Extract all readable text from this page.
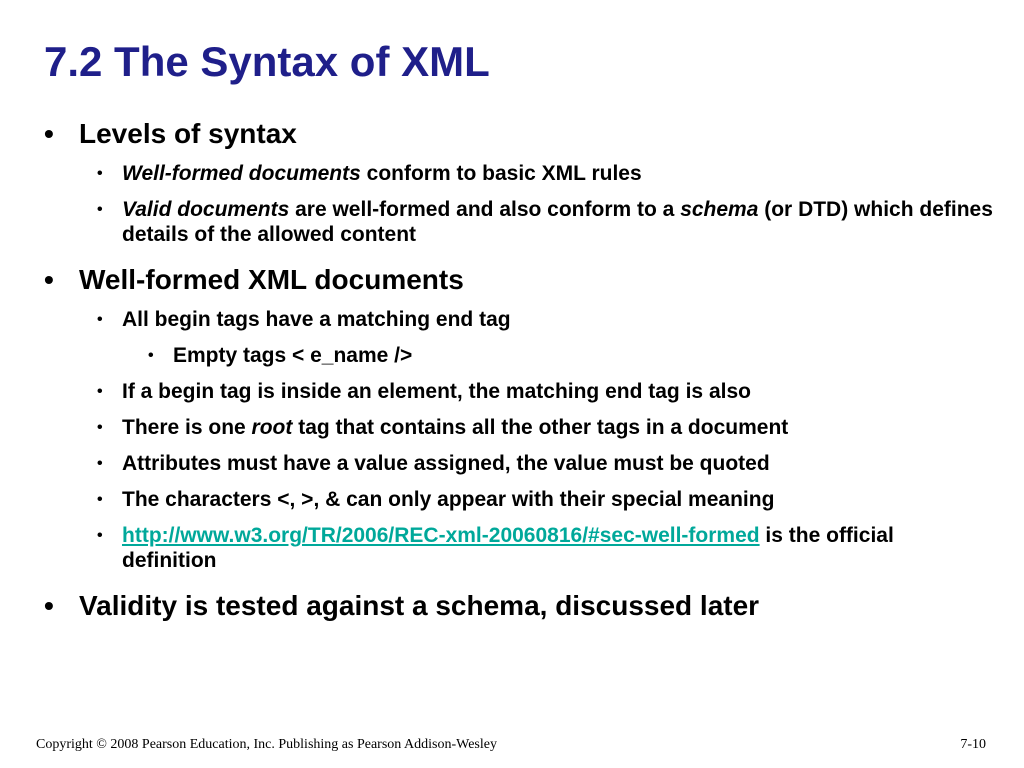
7.2 The Syntax of XML
• Levels of syntax
• Well-formed documents conform to basic XML rules
• Valid documents are well-formed and also conform to a schema (or DTD) which defines details of the allowed content
• Well-formed XML documents
• All begin tags have a matching end tag
• Empty tags < e_name />
• If a begin tag is inside an element, the matching end tag is also
• There is one root tag that contains all the other tags in a document
• Attributes must have a value assigned, the value must be quoted
• The characters <, >, & can only appear with their special meaning
• http://www.w3.org/TR/2006/REC-xml-20060816/#sec-well-formed is the official definition
• Validity is tested against a schema, discussed later
Copyright © 2008 Pearson Education, Inc. Publishing as Pearson Addison-Wesley	7-10
